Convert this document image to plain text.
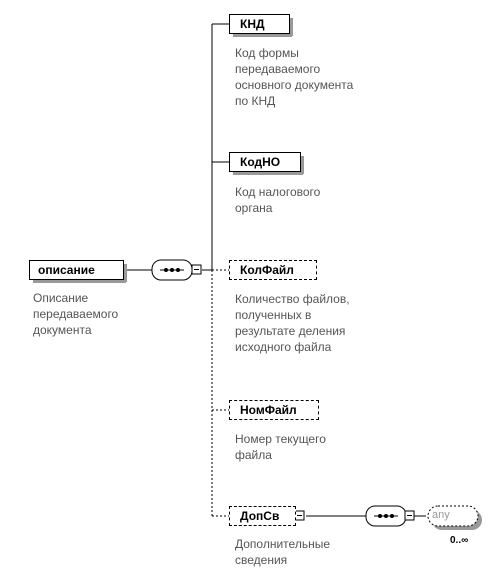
описание
Описание
передаваемого
документа
КНД
Код формы
передаваемого
основного документа
по КНД
КодНО
Код налогового
органа
КолФайл
Количество файлов,
полученных в
результате деления
исходного файла
НомФайл
Номер текущего
файла
ДопСв
Дополнительные
сведения
any
0..∞
